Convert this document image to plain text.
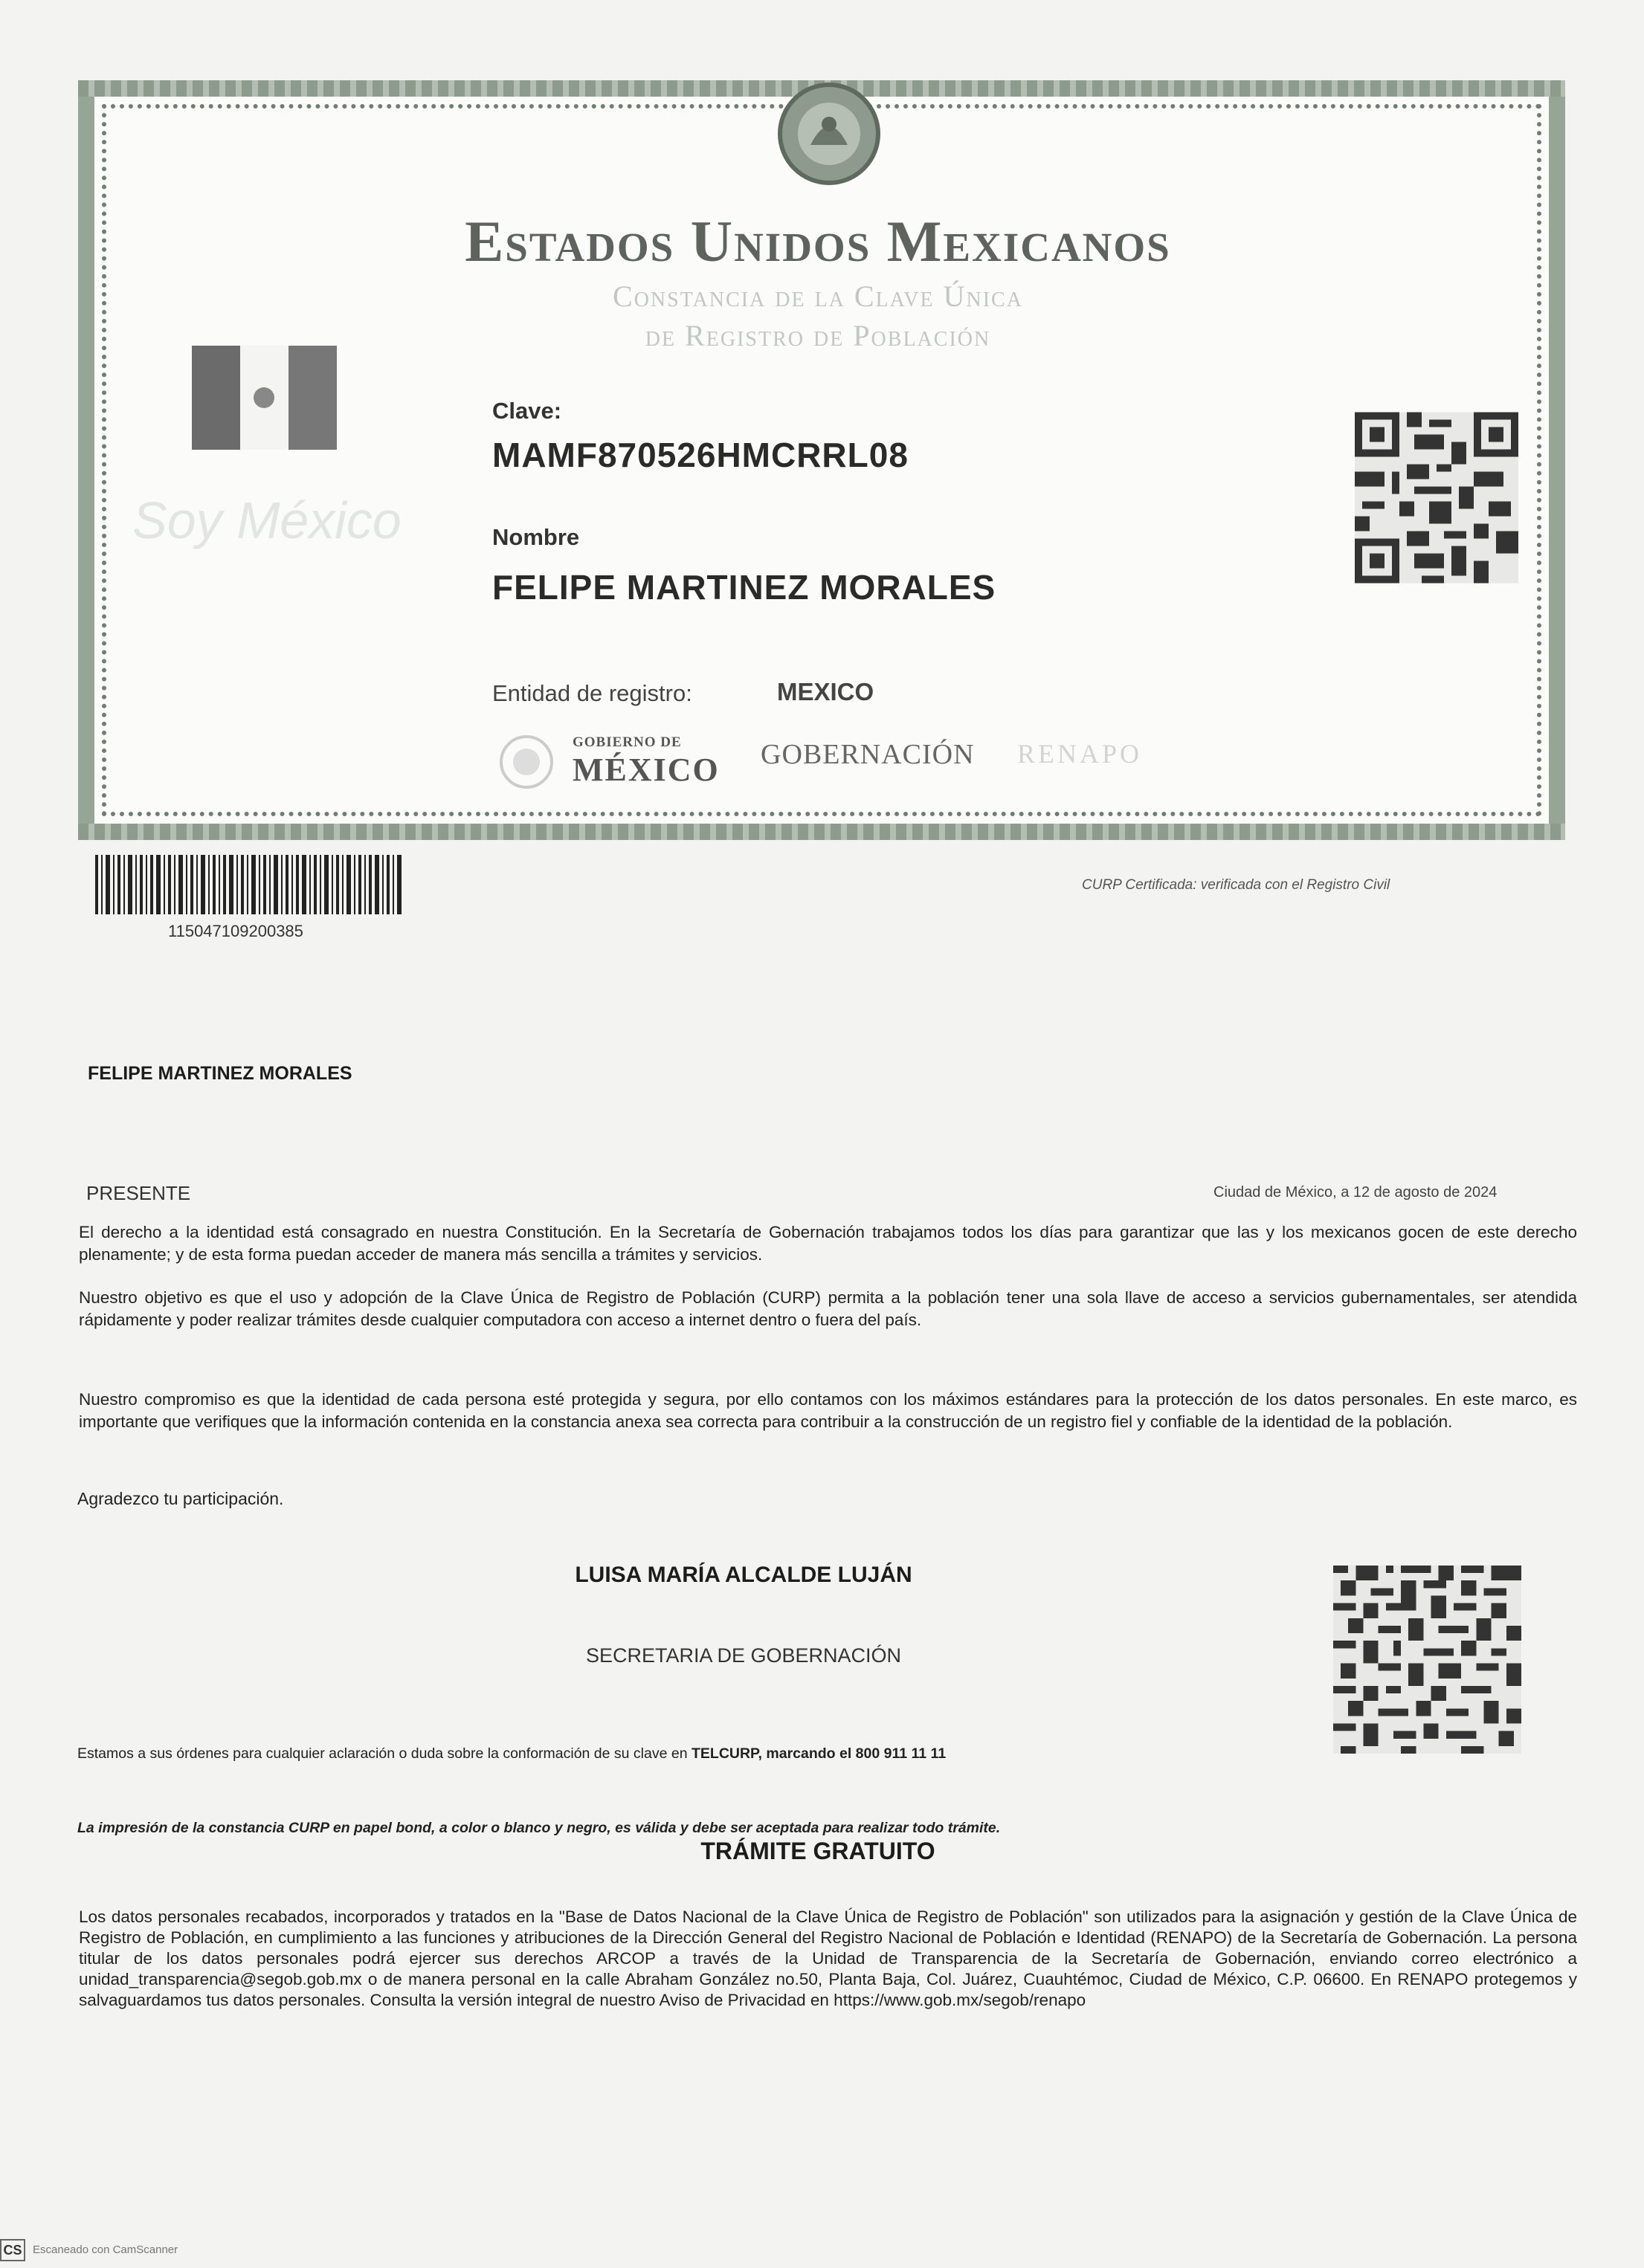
Estados Unidos Mexicanos
Constancia de la Clave Única
de Registro de Población
Soy México
Clave:
MAMF870526HMCRRL08
Nombre
FELIPE MARTINEZ MORALES
Entidad de registro:	MEXICO
GOBIERNO DE
MÉXICO GOBERNACIÓN RENAPO
115047109200385
CURP Certificada: verificada con el Registro Civil
FELIPE MARTINEZ MORALES
PRESENTE	Ciudad de México, a 12 de agosto de 2024
El derecho a la identidad está consagrado en nuestra Constitución. En la Secretaría de Gobernación trabajamos todos los días para garantizar que las y los mexicanos gocen de este derecho plenamente; y de esta forma puedan acceder de manera más sencilla a trámites y servicios.
Nuestro objetivo es que el uso y adopción de la Clave Única de Registro de Población (CURP) permita a la población tener una sola llave de acceso a servicios gubernamentales, ser atendida rápidamente y poder realizar trámites desde cualquier computadora con acceso a internet dentro o fuera del país.
Nuestro compromiso es que la identidad de cada persona esté protegida y segura, por ello contamos con los máximos estándares para la protección de los datos personales. En este marco, es importante que verifiques que la información contenida en la constancia anexa sea correcta para contribuir a la construcción de un registro fiel y confiable de la identidad de la población.
Agradezco tu participación.
LUISA MARÍA ALCALDE LUJÁN
SECRETARIA DE GOBERNACIÓN
Estamos a sus órdenes para cualquier aclaración o duda sobre la conformación de su clave en TELCURP, marcando el 800 911 11 11
La impresión de la constancia CURP en papel bond, a color o blanco y negro, es válida y debe ser aceptada para realizar todo trámite.
TRÁMITE GRATUITO
Los datos personales recabados, incorporados y tratados en la "Base de Datos Nacional de la Clave Única de Registro de Población" son utilizados para la asignación y gestión de la Clave Única de Registro de Población, en cumplimiento a las funciones y atribuciones de la Dirección General del Registro Nacional de Población e Identidad (RENAPO) de la Secretaría de Gobernación. La persona titular de los datos personales podrá ejercer sus derechos ARCOP a través de la Unidad de Transparencia de la Secretaría de Gobernación, enviando correo electrónico a unidad_transparencia@segob.gob.mx o de manera personal en la calle Abraham González no.50, Planta Baja, Col. Juárez, Cuauhtémoc, Ciudad de México, C.P. 06600. En RENAPO protegemos y salvaguardamos tus datos personales. Consulta la versión integral de nuestro Aviso de Privacidad en https://www.gob.mx/segob/renapo
CS Escaneado con CamScanner
